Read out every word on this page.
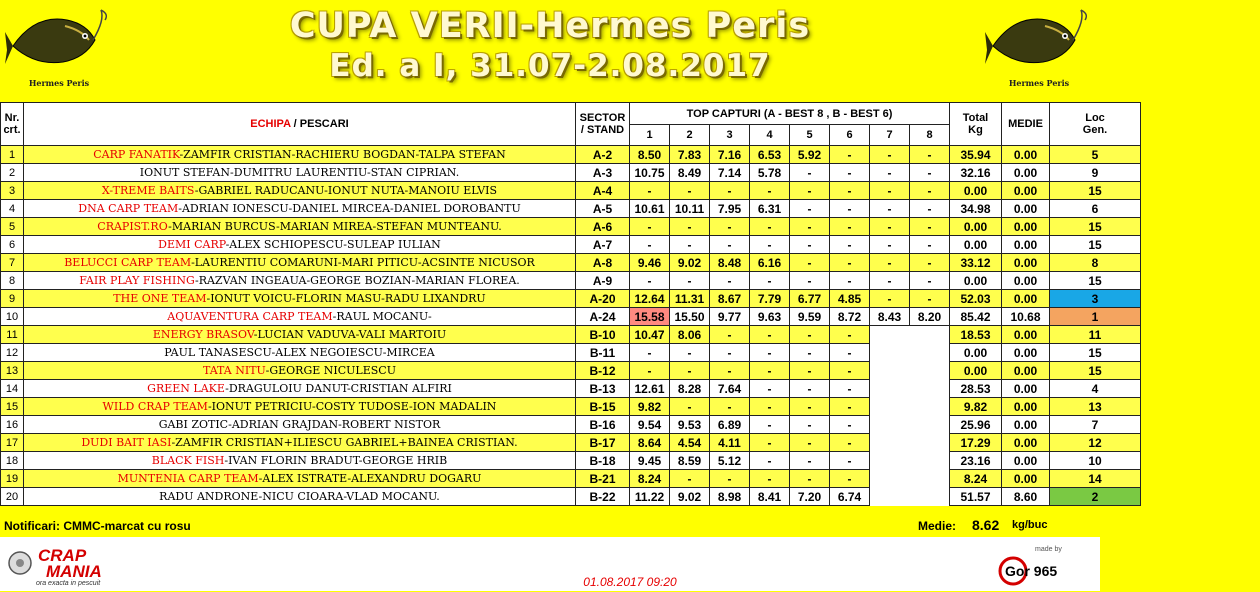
Hermes Peris
CUPA VERII-Hermes Peris
Ed. a I, 31.07-2.08.2017	Hermes Peris
Nr.
crt.	ECHIPA / PESCARI	SECTOR
/ STAND	TOP CAPTURI (A - BEST 8 , B - BEST 6)								Total
Kg	MEDIE	Loc
Gen.
			1	2	3	4	5	6	7	8			
1	CARP FANATIK-ZAMFIR CRISTIAN-RACHIERU BOGDAN-TALPA STEFAN	A-2	8.50	7.83	7.16	6.53	5.92	-	-	-	35.94	0.00	5
2	IONUT STEFAN-DUMITRU LAURENTIU-STAN CIPRIAN.	A-3	10.75	8.49	7.14	5.78	-	-	-	-	32.16	0.00	9
3	X-TREME BAITS-GABRIEL RADUCANU-IONUT NUTA-MANOIU ELVIS	A-4	-	-	-	-	-	-	-	-	0.00	0.00	15
4	DNA CARP TEAM-ADRIAN IONESCU-DANIEL MIRCEA-DANIEL DOROBANTU	A-5	10.61	10.11	7.95	6.31	-	-	-	-	34.98	0.00	6
5	CRAPIST.RO-MARIAN BURCUS-MARIAN MIREA-STEFAN MUNTEANU.	A-6	-	-	-	-	-	-	-	-	0.00	0.00	15
6	DEMI CARP-ALEX SCHIOPESCU-SULEAP IULIAN	A-7	-	-	-	-	-	-	-	-	0.00	0.00	15
7	BELUCCI CARP TEAM-LAURENTIU COMARUNI-MARI PITICU-ACSINTE NICUSOR	A-8	9.46	9.02	8.48	6.16	-	-	-	-	33.12	0.00	8
8	FAIR PLAY FISHING-RAZVAN INGEAUA-GEORGE BOZIAN-MARIAN FLOREA.	A-9	-	-	-	-	-	-	-	-	0.00	0.00	15
9	THE ONE TEAM-IONUT VOICU-FLORIN MASU-RADU LIXANDRU	A-20	12.64	11.31	8.67	7.79	6.77	4.85	-	-	52.03	0.00	3
10	AQUAVENTURA CARP TEAM-RAUL MOCANU-	A-24	15.58	15.50	9.77	9.63	9.59	8.72	8.43	8.20	85.42	10.68	1
11	ENERGY BRASOV-LUCIAN VADUVA-VALI MARTOIU	B-10	10.47	8.06	-	-	-	-			18.53	0.00	11
12	PAUL TANASESCU-ALEX NEGOIESCU-MIRCEA	B-11	-	-	-	-	-	-			0.00	0.00	15
13	TATA NITU-GEORGE NICULESCU	B-12	-	-	-	-	-	-			0.00	0.00	15
14	GREEN LAKE-DRAGULOIU DANUT-CRISTIAN ALFIRI	B-13	12.61	8.28	7.64	-	-	-			28.53	0.00	4
15	WILD CRAP TEAM-IONUT PETRICIU-COSTY TUDOSE-ION MADALIN	B-15	9.82	-	-	-	-	-			9.82	0.00	13
16	GABI ZOTIC-ADRIAN GRAJDAN-ROBERT NISTOR	B-16	9.54	9.53	6.89	-	-	-			25.96	0.00	7
17	DUDI BAIT IASI-ZAMFIR CRISTIAN+ILIESCU GABRIEL+BAINEA CRISTIAN.	B-17	8.64	4.54	4.11	-	-	-			17.29	0.00	12
18	BLACK FISH-IVAN FLORIN BRADUT-GEORGE HRIB	B-18	9.45	8.59	5.12	-	-	-			23.16	0.00	10
19	MUNTENIA CARP TEAM-ALEX ISTRATE-ALEXANDRU DOGARU	B-21	8.24	-	-	-	-	-			8.24	0.00	14
20	RADU ANDRONE-NICU CIOARA-VLAD MOCANU.	B-22	11.22	9.02	8.98	8.41	7.20	6.74			51.57	8.60	2
Notificari: CMMC-marcat cu rosu	Medie: 8.62 kg/buc
CRAP
MANIA
ora exacta in pescuit	01.08.2017 09:20
made by
Gor 965
